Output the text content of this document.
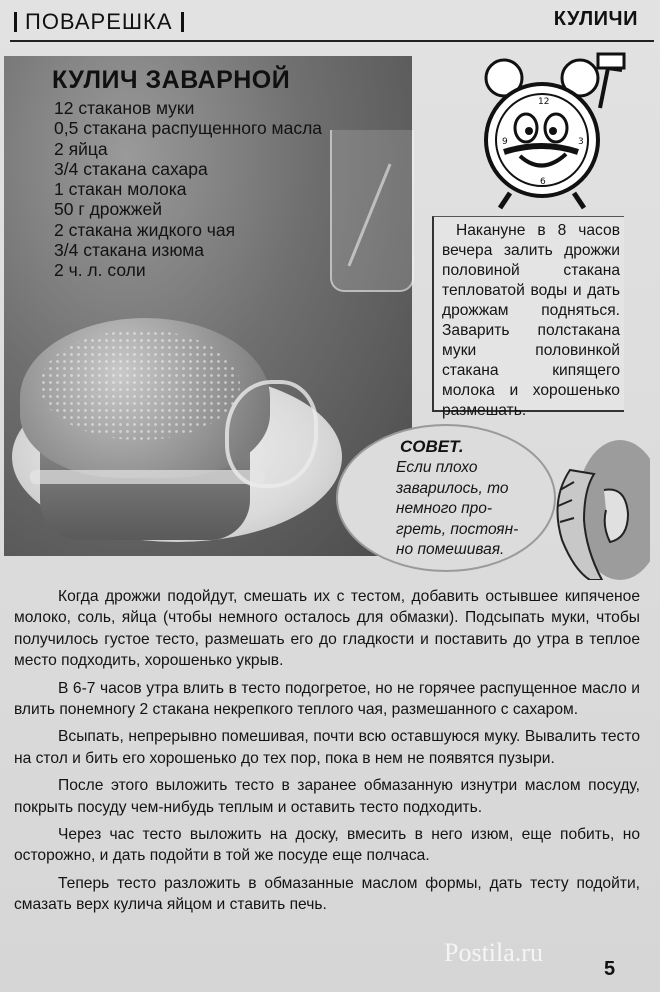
ПОВАРЕШКА	КУЛИЧИ
КУЛИЧ ЗАВАРНОЙ
12 стаканов муки
0,5 стакана распущенного масла
2 яйца
3/4 стакана сахара
1 стакан молока
50 г дрожжей
2 стакана жидкого чая
3/4 стакана изюма
2 ч. л. соли
12
3
6
9

Накануне в 8 часов вечера залить дрожжи половиной стакана тепловатой воды и дать дрожжам подняться. Заварить полстакана муки половинкой стакана кипящего молока и хорошенько размешать.

СОВЕТ.
Если плохо
заварилось, то
немного про-
греть, постоян-
но помешивая.

Когда дрожжи подойдут, смешать их с тестом, добавить остывшее кипяченое молоко, соль, яйца (чтобы немного осталось для обмазки). Подсыпать муки, чтобы получилось густое тесто, размешать его до гладкости и поставить до утра в теплое место подходить, хорошенько укрыв.

В 6-7 часов утра влить в тесто подогретое, но не горячее распущенное масло и влить понемногу 2 стакана некрепкого теплого чая, размешанного с сахаром.

Всыпать, непрерывно помешивая, почти всю оставшуюся муку. Вывалить тесто на стол и бить его хорошенько до тех пор, пока в нем не появятся пузыри.

После этого выложить тесто в заранее обмазанную изнутри маслом посуду, покрыть посуду чем-нибудь теплым и оставить тесто подходить.

Через час тесто выложить на доску, вмесить в него изюм, еще побить, но осторожно, и дать подойти в той же посуде еще полчаса.

Теперь тесто разложить в обмазанные маслом формы, дать тесту подойти, смазать верх кулича яйцом и ставить печь.

Postila.ru
5
